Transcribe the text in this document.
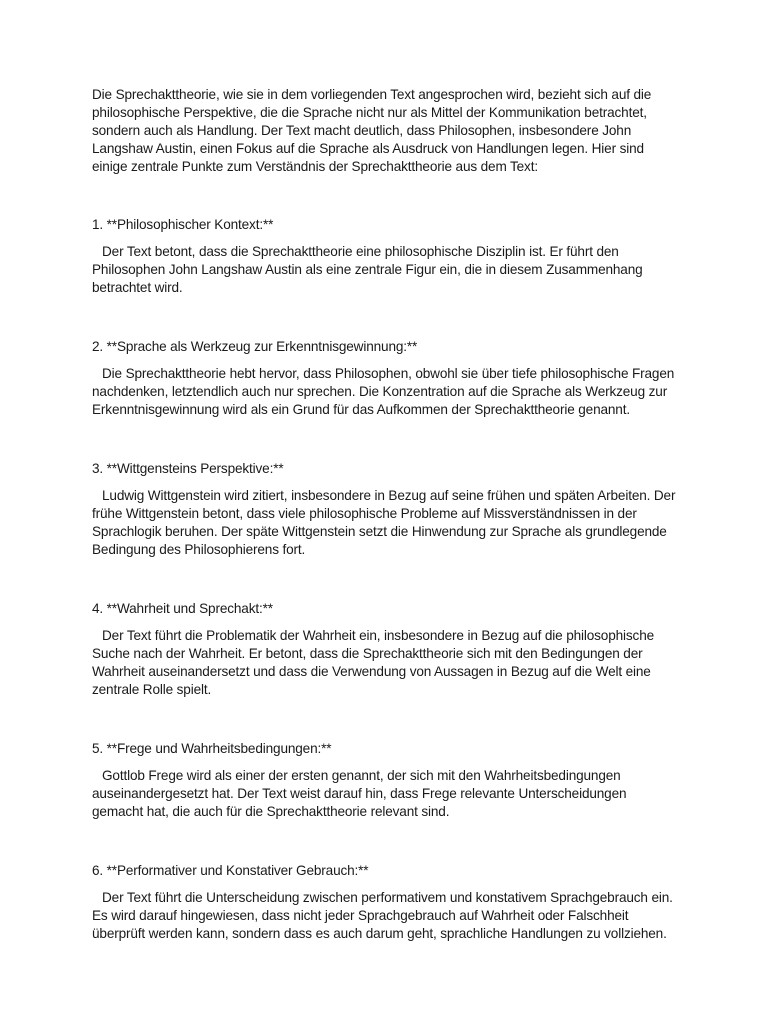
Die Sprechakttheorie, wie sie in dem vorliegenden Text angesprochen wird, bezieht sich auf die philosophische Perspektive, die die Sprache nicht nur als Mittel der Kommunikation betrachtet, sondern auch als Handlung. Der Text macht deutlich, dass Philosophen, insbesondere John Langshaw Austin, einen Fokus auf die Sprache als Ausdruck von Handlungen legen. Hier sind einige zentrale Punkte zum Verständnis der Sprechakttheorie aus dem Text:

1. **Philosophischer Kontext:**

Der Text betont, dass die Sprechakttheorie eine philosophische Disziplin ist. Er führt den Philosophen John Langshaw Austin als eine zentrale Figur ein, die in diesem Zusammenhang betrachtet wird.

2. **Sprache als Werkzeug zur Erkenntnisgewinnung:**

Die Sprechakttheorie hebt hervor, dass Philosophen, obwohl sie über tiefe philosophische Fragen nachdenken, letztendlich auch nur sprechen. Die Konzentration auf die Sprache als Werkzeug zur Erkenntnisgewinnung wird als ein Grund für das Aufkommen der Sprechakttheorie genannt.

3. **Wittgensteins Perspektive:**

Ludwig Wittgenstein wird zitiert, insbesondere in Bezug auf seine frühen und späten Arbeiten. Der frühe Wittgenstein betont, dass viele philosophische Probleme auf Missverständnissen in der Sprachlogik beruhen. Der späte Wittgenstein setzt die Hinwendung zur Sprache als grundlegende Bedingung des Philosophierens fort.

4. **Wahrheit und Sprechakt:**

Der Text führt die Problematik der Wahrheit ein, insbesondere in Bezug auf die philosophische Suche nach der Wahrheit. Er betont, dass die Sprechakttheorie sich mit den Bedingungen der Wahrheit auseinandersetzt und dass die Verwendung von Aussagen in Bezug auf die Welt eine zentrale Rolle spielt.

5. **Frege und Wahrheitsbedingungen:**

Gottlob Frege wird als einer der ersten genannt, der sich mit den Wahrheitsbedingungen auseinandergesetzt hat. Der Text weist darauf hin, dass Frege relevante Unterscheidungen gemacht hat, die auch für die Sprechakttheorie relevant sind.

6. **Performativer und Konstativer Gebrauch:**

Der Text führt die Unterscheidung zwischen performativem und konstativem Sprachgebrauch ein. Es wird darauf hingewiesen, dass nicht jeder Sprachgebrauch auf Wahrheit oder Falschheit überprüft werden kann, sondern dass es auch darum geht, sprachliche Handlungen zu vollziehen.
